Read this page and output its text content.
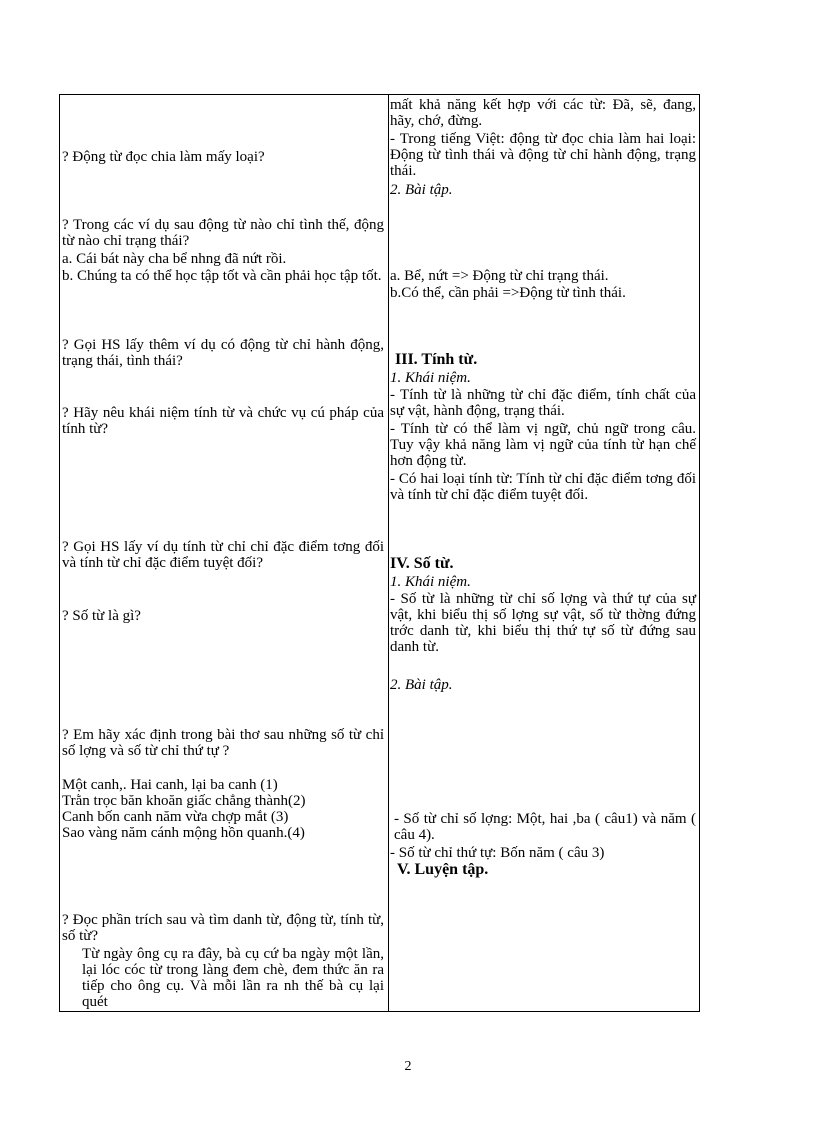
? Động từ đọc chia làm mấy loại?
? Trong các ví dụ sau động từ nào chỉ tình thế, động từ nào chỉ trạng thái?
a. Cái bát này cha bể nhng đã nứt rồi.
b. Chúng ta có thể học tập tốt và cần phải học tập tốt.
? Gọi HS lấy thêm ví dụ có động từ chỉ hành động, trạng thái, tình thái?
? Hãy nêu khái niệm tính từ và chức vụ cú pháp của tính từ?
? Gọi HS lấy ví dụ tính từ chỉ chỉ đặc điểm tơng đối và tính từ chỉ đặc điểm tuyệt đối?
? Số từ là gì?
? Em hãy xác định trong bài thơ sau những số từ chỉ số lợng và số từ chỉ thứ tự ?
Một canh,. Hai canh, lại ba canh (1)
Trằn trọc băn khoăn giấc chẳng thành(2)
Canh bốn canh năm vừa chợp mắt (3)
Sao vàng năm cánh mộng hồn quanh.(4)
? Đọc phần trích sau và tìm danh từ, động từ, tính từ, số từ?
Từ ngày ông cụ ra đây, bà cụ cứ ba ngày một lần, lại lóc cóc từ trong làng đem chè, đem thức ăn ra tiếp cho ông cụ. Và mỗi lần ra nh thế bà cụ lại quét
mất khả năng kết hợp với các từ: Đã, sẽ, đang, hãy, chớ, đừng.
- Trong tiếng Việt: động từ đọc chia làm hai loại: Động từ tình thái và động từ chỉ hành động, trạng thái.
2. Bài tập.
a. Bể, nứt => Động từ chỉ trạng thái.
b.Có thể, cần phải =>Động từ tình thái.
III. Tính từ.
1. Khái niệm.
- Tính từ là những từ chỉ đặc điểm, tính chất của sự vật, hành động, trạng thái.
- Tính từ có thể làm vị ngữ, chủ ngữ trong câu. Tuy vậy khả năng làm vị ngữ của tính từ hạn chế hơn động từ.
- Có hai loại tính từ: Tính từ chỉ đặc điểm tơng đối và tính từ chỉ đặc điểm tuyệt đối.
IV. Số từ.
1. Khái niệm.
- Số từ là những từ chỉ số lợng và thứ tự của sự vật, khi biểu thị số lợng sự vật, số từ thờng đứng trớc danh từ, khi biểu thị thứ tự số từ đứng sau danh từ.
2. Bài tập.
- Số từ chỉ số lợng: Một, hai ,ba ( câu1) và năm ( câu 4).
- Số từ chỉ thứ tự: Bốn năm ( câu 3)
V. Luyện tập.
2
